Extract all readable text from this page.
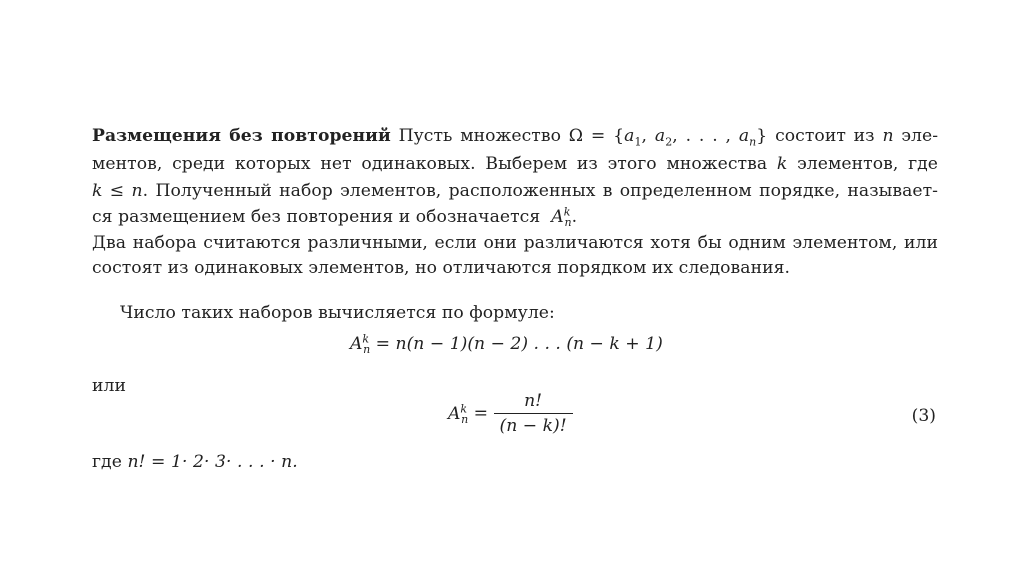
Размещения без повторений Пусть множество $\Omega = \{a_1$, $a_2$, . . . , $a_n$} состоит из n эле-
ментов, среди которых нет одинаковых. Выберем из этого множества k элементов, где
k ≤ n. Полученный набор элементов, расположенных в определенном порядке, называет-
ся размещением без повторения и обозначается $A^k_n$.
Два набора считаются различными, если они различаются хотя бы одним элементом, или
состоят из одинаковых элементов, но отличаются порядком их следования.
Число таких наборов вычисляется по формуле:
$A^k_n = n(n - 1)(n - 2)$ . . . (n − k + 1)
или
$A^k_n = \frac{n!}{(n - k)!}$	(3)
где n! = 1· 2· 3· . . . · n.
